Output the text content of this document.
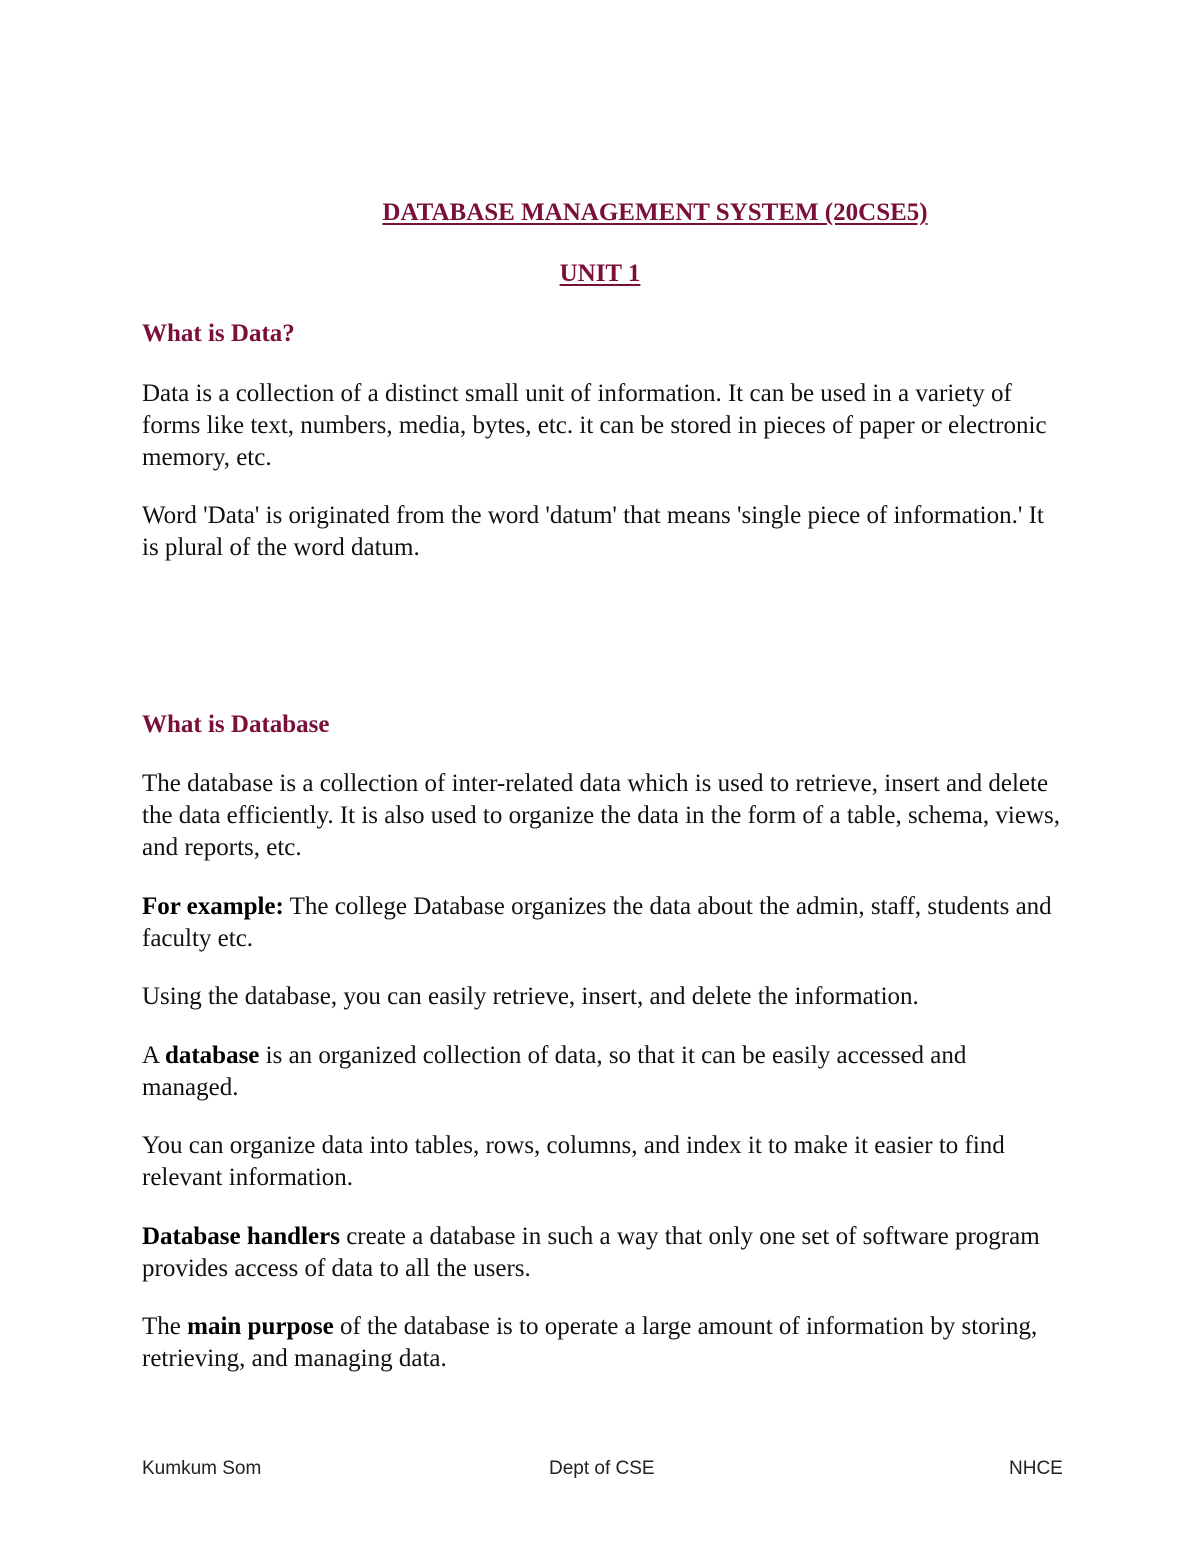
DATABASE MANAGEMENT SYSTEM (20CSE5)
UNIT 1
What is Data?
Data is a collection of a distinct small unit of information. It can be used in a variety of forms like text, numbers, media, bytes, etc. it can be stored in pieces of paper or electronic memory, etc.
Word 'Data' is originated from the word 'datum' that means 'single piece of information.' It is plural of the word datum.
What is Database
The database is a collection of inter-related data which is used to retrieve, insert and delete the data efficiently. It is also used to organize the data in the form of a table, schema, views, and reports, etc.
For example: The college Database organizes the data about the admin, staff, students and faculty etc.
Using the database, you can easily retrieve, insert, and delete the information.
A database is an organized collection of data, so that it can be easily accessed and managed.
You can organize data into tables, rows, columns, and index it to make it easier to find relevant information.
Database handlers create a database in such a way that only one set of software program provides access of data to all the users.
The main purpose of the database is to operate a large amount of information by storing, retrieving, and managing data.
Kumkum Som	Dept of CSE	NHCE
